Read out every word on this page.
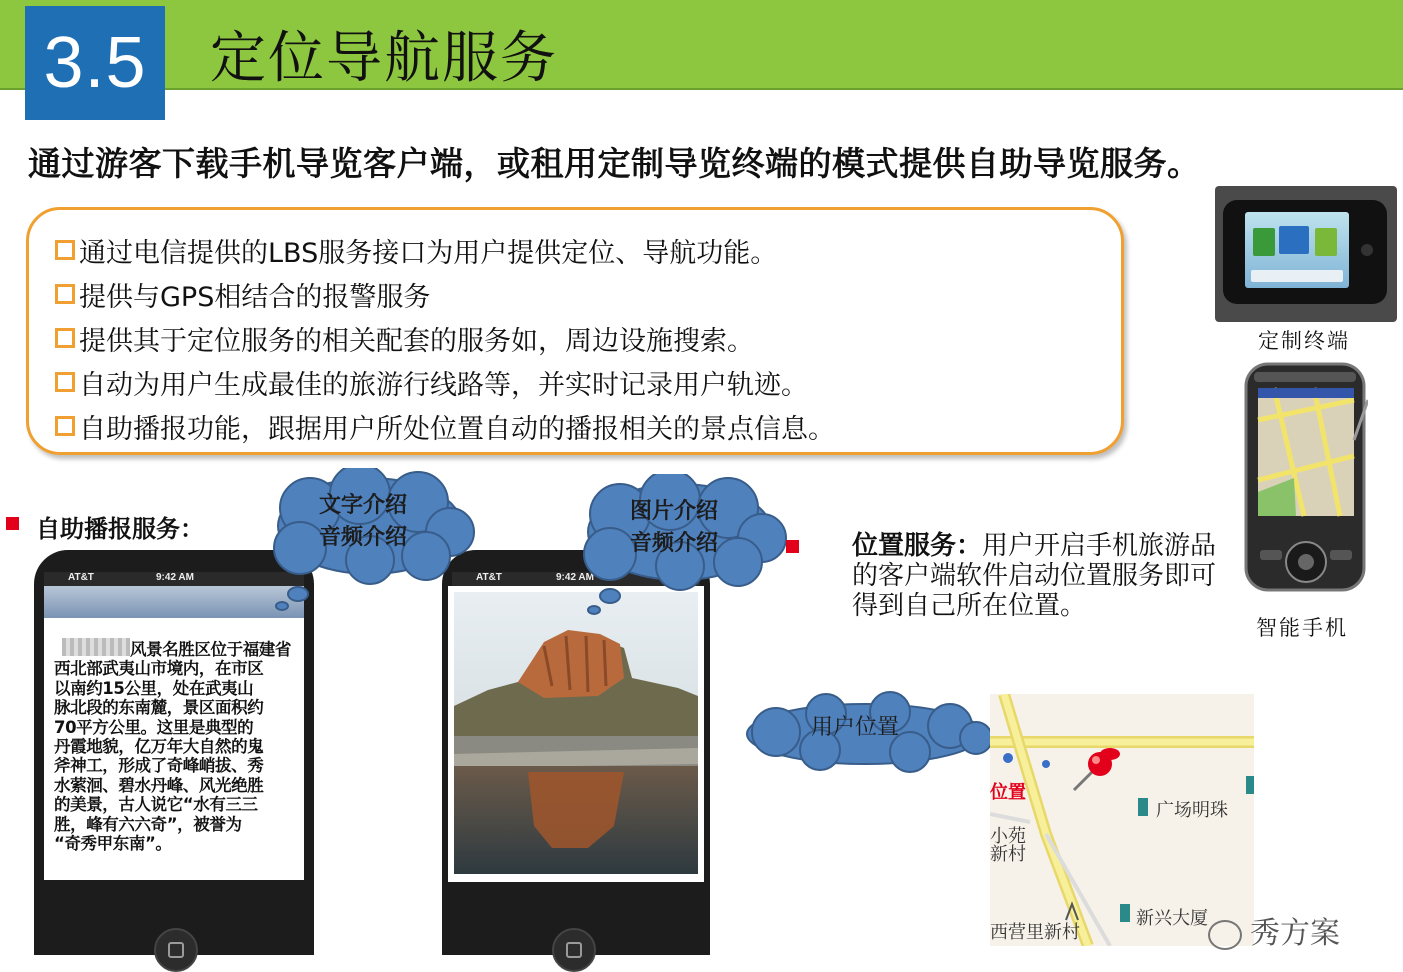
3.5	定位导航服务
通过游客下载手机导览客户端，或租用定制导览终端的模式提供自助导览服务。
通过电信提供的LBS服务接口为用户提供定位、导航功能。
提供与GPS相结合的报警服务
提供其于定位服务的相关配套的服务如，周边设施搜索。
自动为用户生成最佳的旅游行线路等，并实时记录用户轨迹。
自助播报功能，跟据用户所处位置自动的播报相关的景点信息。
定制终端
智能手机
自助播报服务：
AT&T	9:42 AM
风景名胜区位于福建省
西北部武夷山市境内，在市区
以南约15公里，处在武夷山
脉北段的东南麓，景区面积约
70平方公里。这里是典型的
丹霞地貌，亿万年大自然的鬼
斧神工，形成了奇峰峭拔、秀
水萦洄、碧水丹峰、风光绝胜
的美景，古人说它“水有三三
胜，峰有六六奇”，被誉为
“奇秀甲东南”。
AT&T	9:42 AM
文字介绍
音频介绍
图片介绍
音频介绍	位置服务：用户开启手机旅游品的客户端软件启动位置服务即可得到自己所在位置。
用户位置
广场明珠
新兴大厦
位置
小苑
新村
西营里新村	秀方案
